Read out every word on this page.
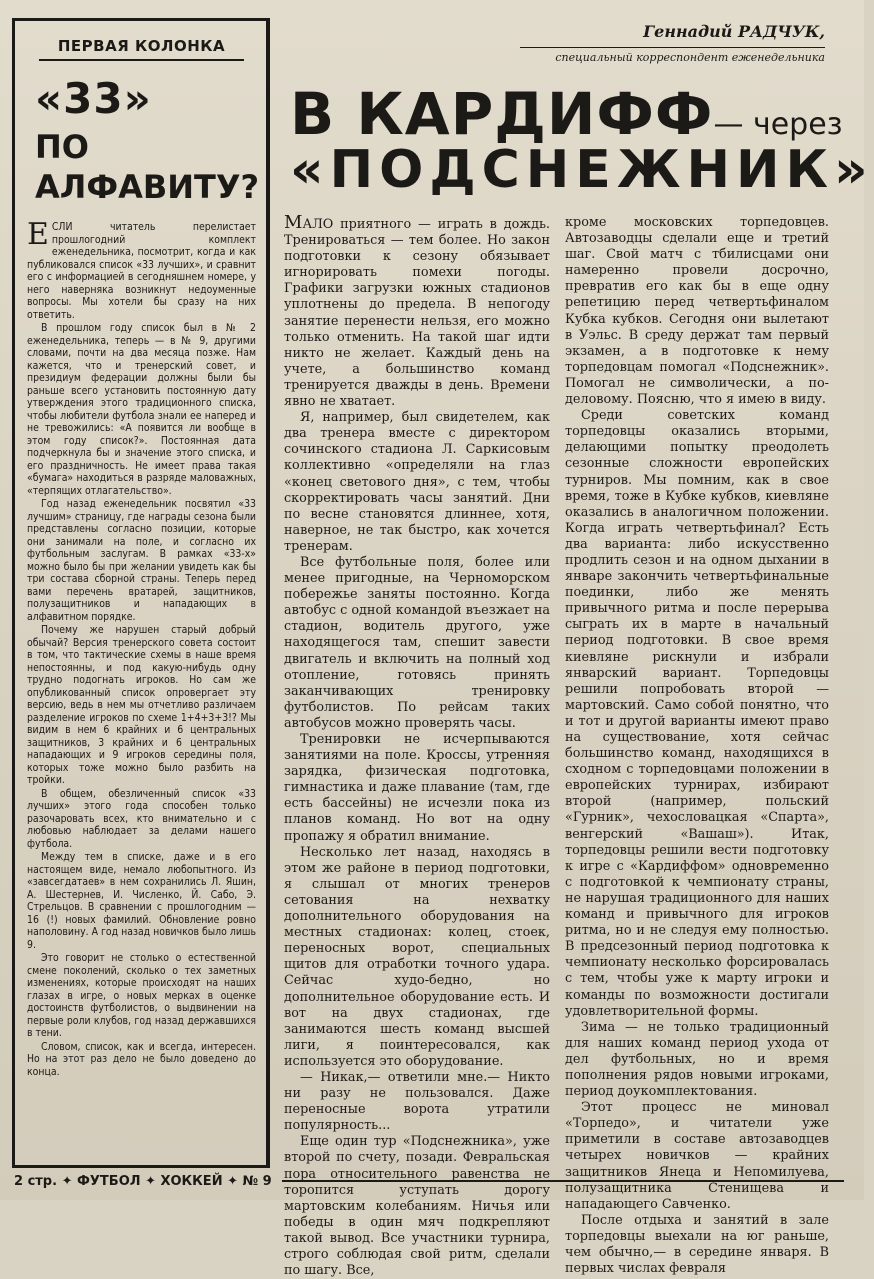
ПЕРВАЯ КОЛОНКА
«33»
ПО
АЛФАВИТУ?

ЕСЛИ читатель перелистает прошлогодний комплект еженедельника, посмотрит, когда и как публиковался список «33 лучших», и сравнит его с информацией в сегодняшнем номере, у него наверняка возникнут недоуменные вопросы. Мы хотели бы сразу на них ответить.

В прошлом году список был в № 2 еженедельника, теперь — в № 9, другими словами, почти на два месяца позже. Нам кажется, что и тренерский совет, и президиум федерации должны были бы раньше всего установить постоянную дату утверждения этого традиционного списка, чтобы любители футбола знали ее наперед и не тревожились: «А появится ли вообще в этом году список?». Постоянная дата подчеркнула бы и значение этого списка, и его праздничность. Не имеет права такая «бумага» находиться в разряде маловажных, «терпящих отлагательство».

Год назад еженедельник посвятил «33 лучшим» страницу, где награды сезона были представлены согласно позиции, которые они занимали на поле, и согласно их футбольным заслугам. В рамках «33-х» можно было бы при желании увидеть как бы три состава сборной страны. Теперь перед вами перечень вратарей, защитников, полузащитников и нападающих в алфавитном порядке.

Почему же нарушен старый добрый обычай? Версия тренерского совета состоит в том, что тактические схемы в наше время непостоянны, и под какую-нибудь одну трудно подогнать игроков. Но сам же опубликованный список опровергает эту версию, ведь в нем мы отчетливо различаем разделение игроков по схеме 1+4+3+3!? Мы видим в нем 6 крайних и 6 центральных защитников, 3 крайних и 6 центральных нападающих и 9 игроков середины поля, которых тоже можно было разбить на тройки.

В общем, обезличенный список «33 лучших» этого года способен только разочаровать всех, кто внимательно и с любовью наблюдает за делами нашего футбола.

Между тем в списке, даже и в его настоящем виде, немало любопытного. Из «завсегдатаев» в нем сохранились Л. Яшин, А. Шестернев, И. Численко, Й. Сабо, Э. Стрельцов. В сравнении с прошлогодним — 16 (!) новых фамилий. Обновление ровно наполовину. А год назад новичков было лишь 9.

Это говорит не столько о естественной смене поколений, сколько о тех заметных изменениях, которые происходят на наших глазах в игре, о новых мерках в оценке достоинств футболистов, о выдвинении на первые роли клубов, год назад державшихся в тени.

Словом, список, как и всегда, интересен. Но на этот раз дело не было доведено до конца.

Геннадий РАДЧУК,
специальный корреспондент еженедельника
В КАРДИФФ— через
«ПОДСНЕЖНИК»

МАЛО приятного — играть в дождь. Тренироваться — тем более. Но закон подготовки к сезону обязывает игнорировать помехи погоды. Графики загрузки южных стадионов уплотнены до предела. В непогоду занятие перенести нельзя, его можно только отменить. На такой шаг идти никто не желает. Каждый день на учете, а большинство команд тренируется дважды в день. Времени явно не хватает.

Я, например, был свидетелем, как два тренера вместе с директором сочинского стадиона Л. Саркисовым коллективно «определяли на глаз «конец светового дня», с тем, чтобы скорректировать часы занятий. Дни по весне становятся длиннее, хотя, наверное, не так быстро, как хочется тренерам.

Все футбольные поля, более или менее пригодные, на Черноморском побережье заняты постоянно. Когда автобус с одной командой въезжает на стадион, водитель другого, уже находящегося там, спешит завести двигатель и включить на полный ход отопление, готовясь принять заканчивающих тренировку футболистов. По рейсам таких автобусов можно проверять часы.

Тренировки не исчерпываются занятиями на поле. Кроссы, утренняя зарядка, физическая подготовка, гимнастика и даже плавание (там, где есть бассейны) не исчезли пока из планов команд. Но вот на одну пропажу я обратил внимание.

Несколько лет назад, находясь в этом же районе в период подготовки, я слышал от многих тренеров сетования на нехватку дополнительного оборудования на местных стадионах: колец, стоек, переносных ворот, специальных щитов для отработки точного удара. Сейчас худо-бедно, но дополнительное оборудование есть. И вот на двух стадионах, где занимаются шесть команд высшей лиги, я поинтересовался, как используется это оборудование.

— Никак,— ответили мне.— Никто ни разу не пользовался. Даже переносные ворота утратили популярность...

Еще один тур «Подснежника», уже второй по счету, позади. Февральская пора относительного равенства не торопится уступать дорогу мартовским колебаниям. Ничья или победы в один мяч подкрепляют такой вывод. Все участники турнира, строго соблюдая свой ритм, сделали по шагу. Все,

кроме московских торпедовцев. Автозаводцы сделали еще и третий шаг. Свой матч с тбилисцами они намеренно провели досрочно, превратив его как бы в еще одну репетицию перед четвертьфиналом Кубка кубков. Сегодня они вылетают в Уэльс. В среду держат там первый экзамен, а в подготовке к нему торпедовцам помогал «Подснежник». Помогал не символически, а по-деловому. Поясню, что я имею в виду.

Среди советских команд торпедовцы оказались вторыми, делающими попытку преодолеть сезонные сложности европейских турниров. Мы помним, как в свое время, тоже в Кубке кубков, киевляне оказались в аналогичном положении. Когда играть четвертьфинал? Есть два варианта: либо искусственно продлить сезон и на одном дыхании в январе закончить четвертьфинальные поединки, либо же менять привычного ритма и после перерыва сыграть их в марте в начальный период подготовки. В свое время киевляне рискнули и избрали январский вариант. Торпедовцы решили попробовать второй — мартовский. Само собой понятно, что и тот и другой варианты имеют право на существование, хотя сейчас большинство команд, находящихся в сходном с торпедовцами положении в европейских турнирах, избирают второй (например, польский «Гурник», чехословацкая «Спарта», венгерский «Вашаш»). Итак, торпедовцы решили вести подготовку к игре с «Кардиффом» одновременно с подготовкой к чемпионату страны, не нарушая традиционного для наших команд и привычного для игроков ритма, но и не следуя ему полностью. В предсезонный период подготовка к чемпионату несколько форсировалась с тем, чтобы уже к марту игроки и команды по возможности достигали удовлетворительной формы.

Зима — не только традиционный для наших команд период ухода от дел футбольных, но и время пополнения рядов новыми игроками, период доукомплектования.

Этот процесс не миновал «Торпедо», и читатели уже приметили в составе автозаводцев четырех новичков — крайних защитников Янеца и Непомилуева, полузащитника Стенищева и нападающего Савченко.

После отдыха и занятий в зале торпедовцы выехали на юг раньше, чем обычно,— в середине января. В первых числах февраля

2 стр. ✦ ФУТБОЛ ✦ ХОККЕЙ ✦ № 9
